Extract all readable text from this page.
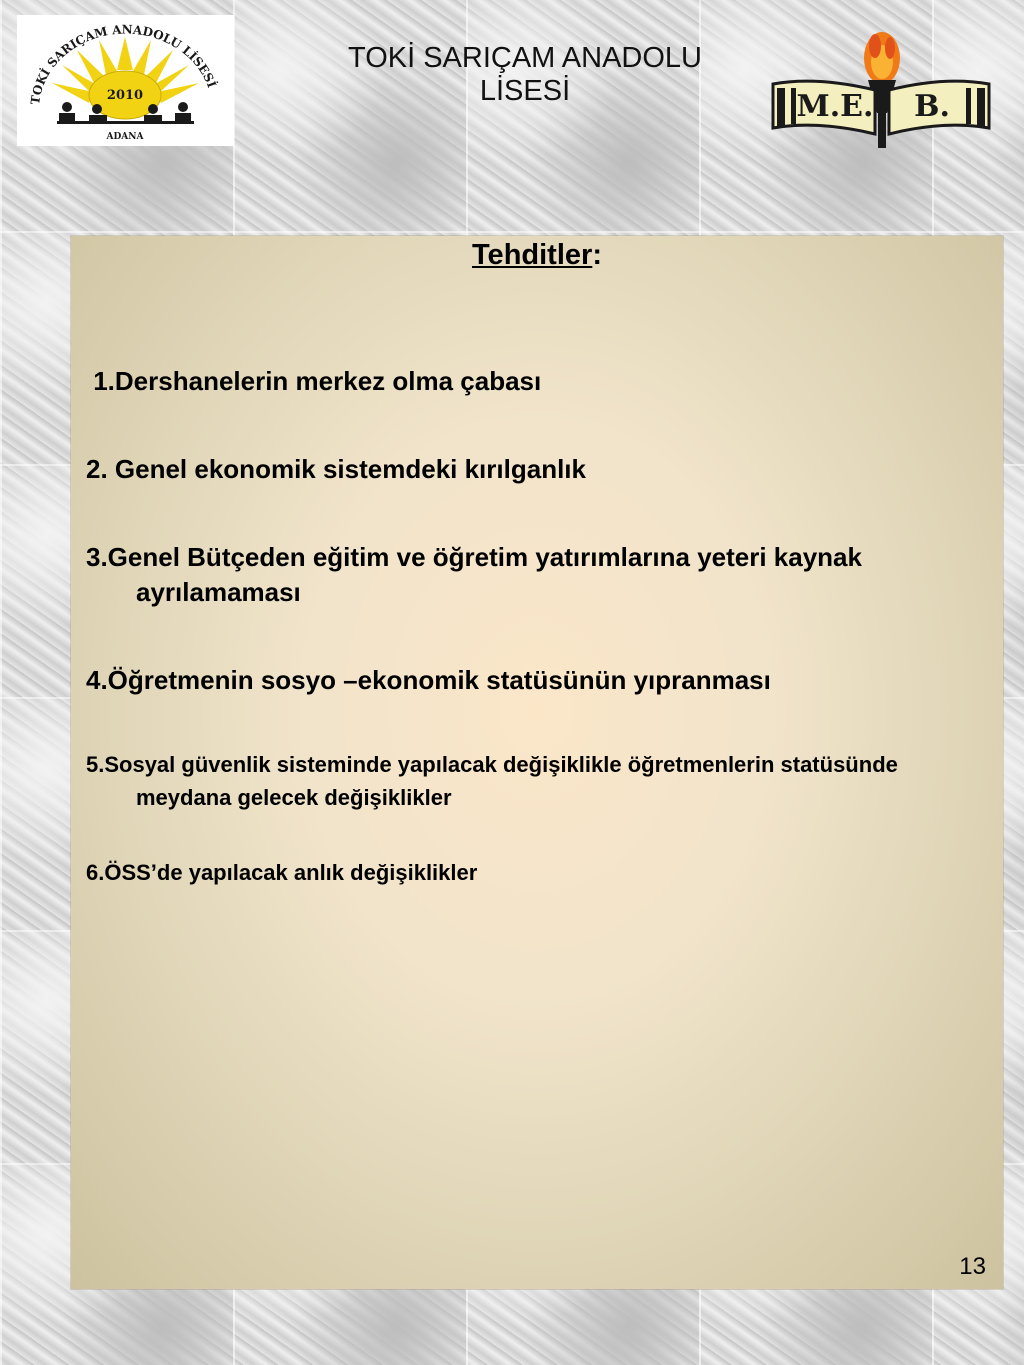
2010
TOKİ SARIÇAM ANADOLU LİSESİ
ADANA
TOKİ SARIÇAM ANADOLU
LİSESİ	M.E. B.
Tehditler:
1.Dershanelerin merkez olma çabası
2. Genel ekonomik sistemdeki kırılganlık
3.Genel Bütçeden eğitim ve öğretim yatırımlarına yeteri kaynak ayrılamaması
4.Öğretmenin sosyo –ekonomik statüsünün yıpranması
5.Sosyal güvenlik sisteminde yapılacak değişiklikle öğretmenlerin statüsünde meydana gelecek değişiklikler
6.ÖSS’de yapılacak anlık değişiklikler
13
